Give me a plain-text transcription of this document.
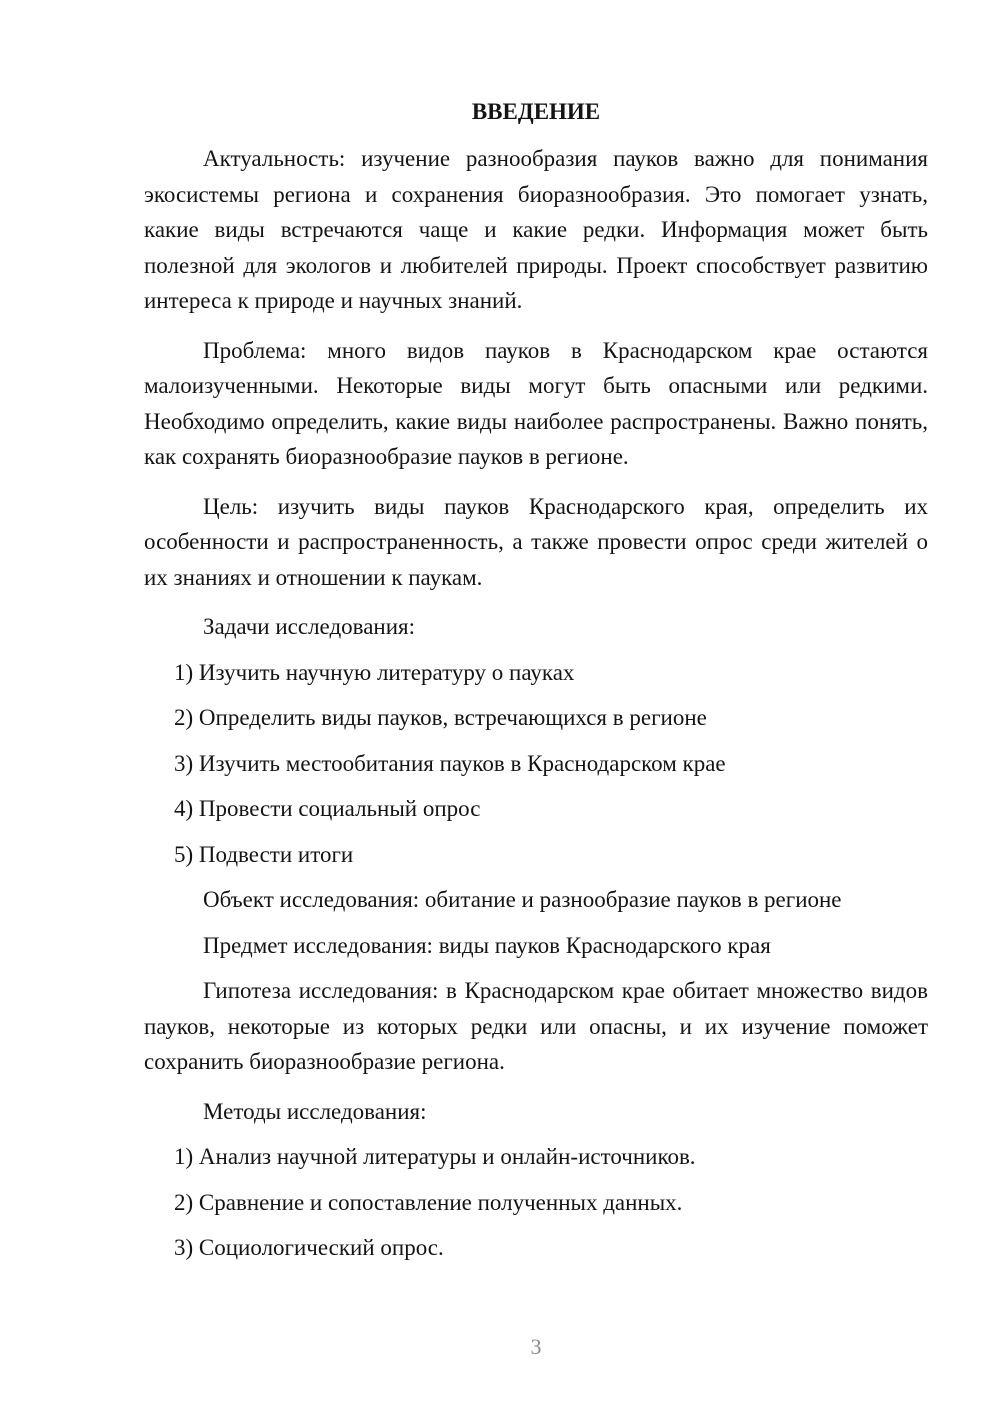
ВВЕДЕНИЕ

Актуальность: изучение разнообразия пауков важно для понимания экосистемы региона и сохранения биоразнообразия. Это помогает узнать, какие виды встречаются чаще и какие редки. Информация может быть полезной для экологов и любителей природы. Проект способствует развитию интереса к природе и научных знаний.

Проблема: много видов пауков в Краснодарском крае остаются малоизученными. Некоторые виды могут быть опасными или редкими. Необходимо определить, какие виды наиболее распространены. Важно понять, как сохранять биоразнообразие пауков в регионе.

Цель: изучить виды пауков Краснодарского края, определить их особенности и распространенность, а также провести опрос среди жителей о их знаниях и отношении к паукам.

Задачи исследования:
1) Изучить научную литературу о пауках
2) Определить виды пауков, встречающихся в регионе
3) Изучить местообитания пауков в Краснодарском крае
4) Провести социальный опрос
5) Подвести итоги
Объект исследования: обитание и разнообразие пауков в регионе
Предмет исследования: виды пауков Краснодарского края

Гипотеза исследования: в Краснодарском крае обитает множество видов пауков, некоторые из которых редки или опасны, и их изучение поможет сохранить биоразнообразие региона.

Методы исследования:
1) Анализ научной литературы и онлайн-источников.
2) Сравнение и сопоставление полученных данных.
3) Социологический опрос.
3
